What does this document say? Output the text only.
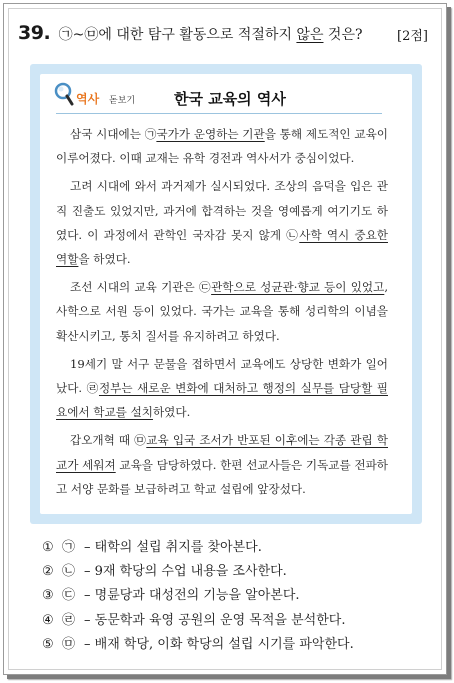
39. ㉠~㉤에 대한 탐구 활동으로 적절하지 않은 것은?	[2점]
역사 돋보기	한국 교육의 역사

삼국 시대에는 ㉠국가가 운영하는 기관을 통해 제도적인 교육이 이루어졌다. 이때 교재는 유학 경전과 역사서가 중심이었다.

고려 시대에 와서 과거제가 실시되었다. 조상의 음덕을 입은 관직 진출도 있었지만, 과거에 합격하는 것을 영예롭게 여기기도 하였다. 이 과정에서 관학인 국자감 못지 않게 ㉡사학 역시 중요한 역할을 하였다.

조선 시대의 교육 기관은 ㉢관학으로 성균관·향교 등이 있었고, 사학으로 서원 등이 있었다. 국가는 교육을 통해 성리학의 이념을 확산시키고, 통치 질서를 유지하려고 하였다.

19세기 말 서구 문물을 접하면서 교육에도 상당한 변화가 일어났다. ㉣정부는 새로운 변화에 대처하고 행정의 실무를 담당할 필요에서 학교를 설치하였다.

갑오개혁 때 ㉤교육 입국 조서가 반포된 이후에는 각종 관립 학교가 세워져 교육을 담당하였다. 한편 선교사들은 기독교를 전파하고 서양 문화를 보급하려고 학교 설립에 앞장섰다.

① ㉠ – 태학의 설립 취지를 찾아본다.
② ㉡ – 9재 학당의 수업 내용을 조사한다.
③ ㉢ – 명륜당과 대성전의 기능을 알아본다.
④ ㉣ – 동문학과 육영 공원의 운영 목적을 분석한다.
⑤ ㉤ – 배재 학당, 이화 학당의 설립 시기를 파악한다.
